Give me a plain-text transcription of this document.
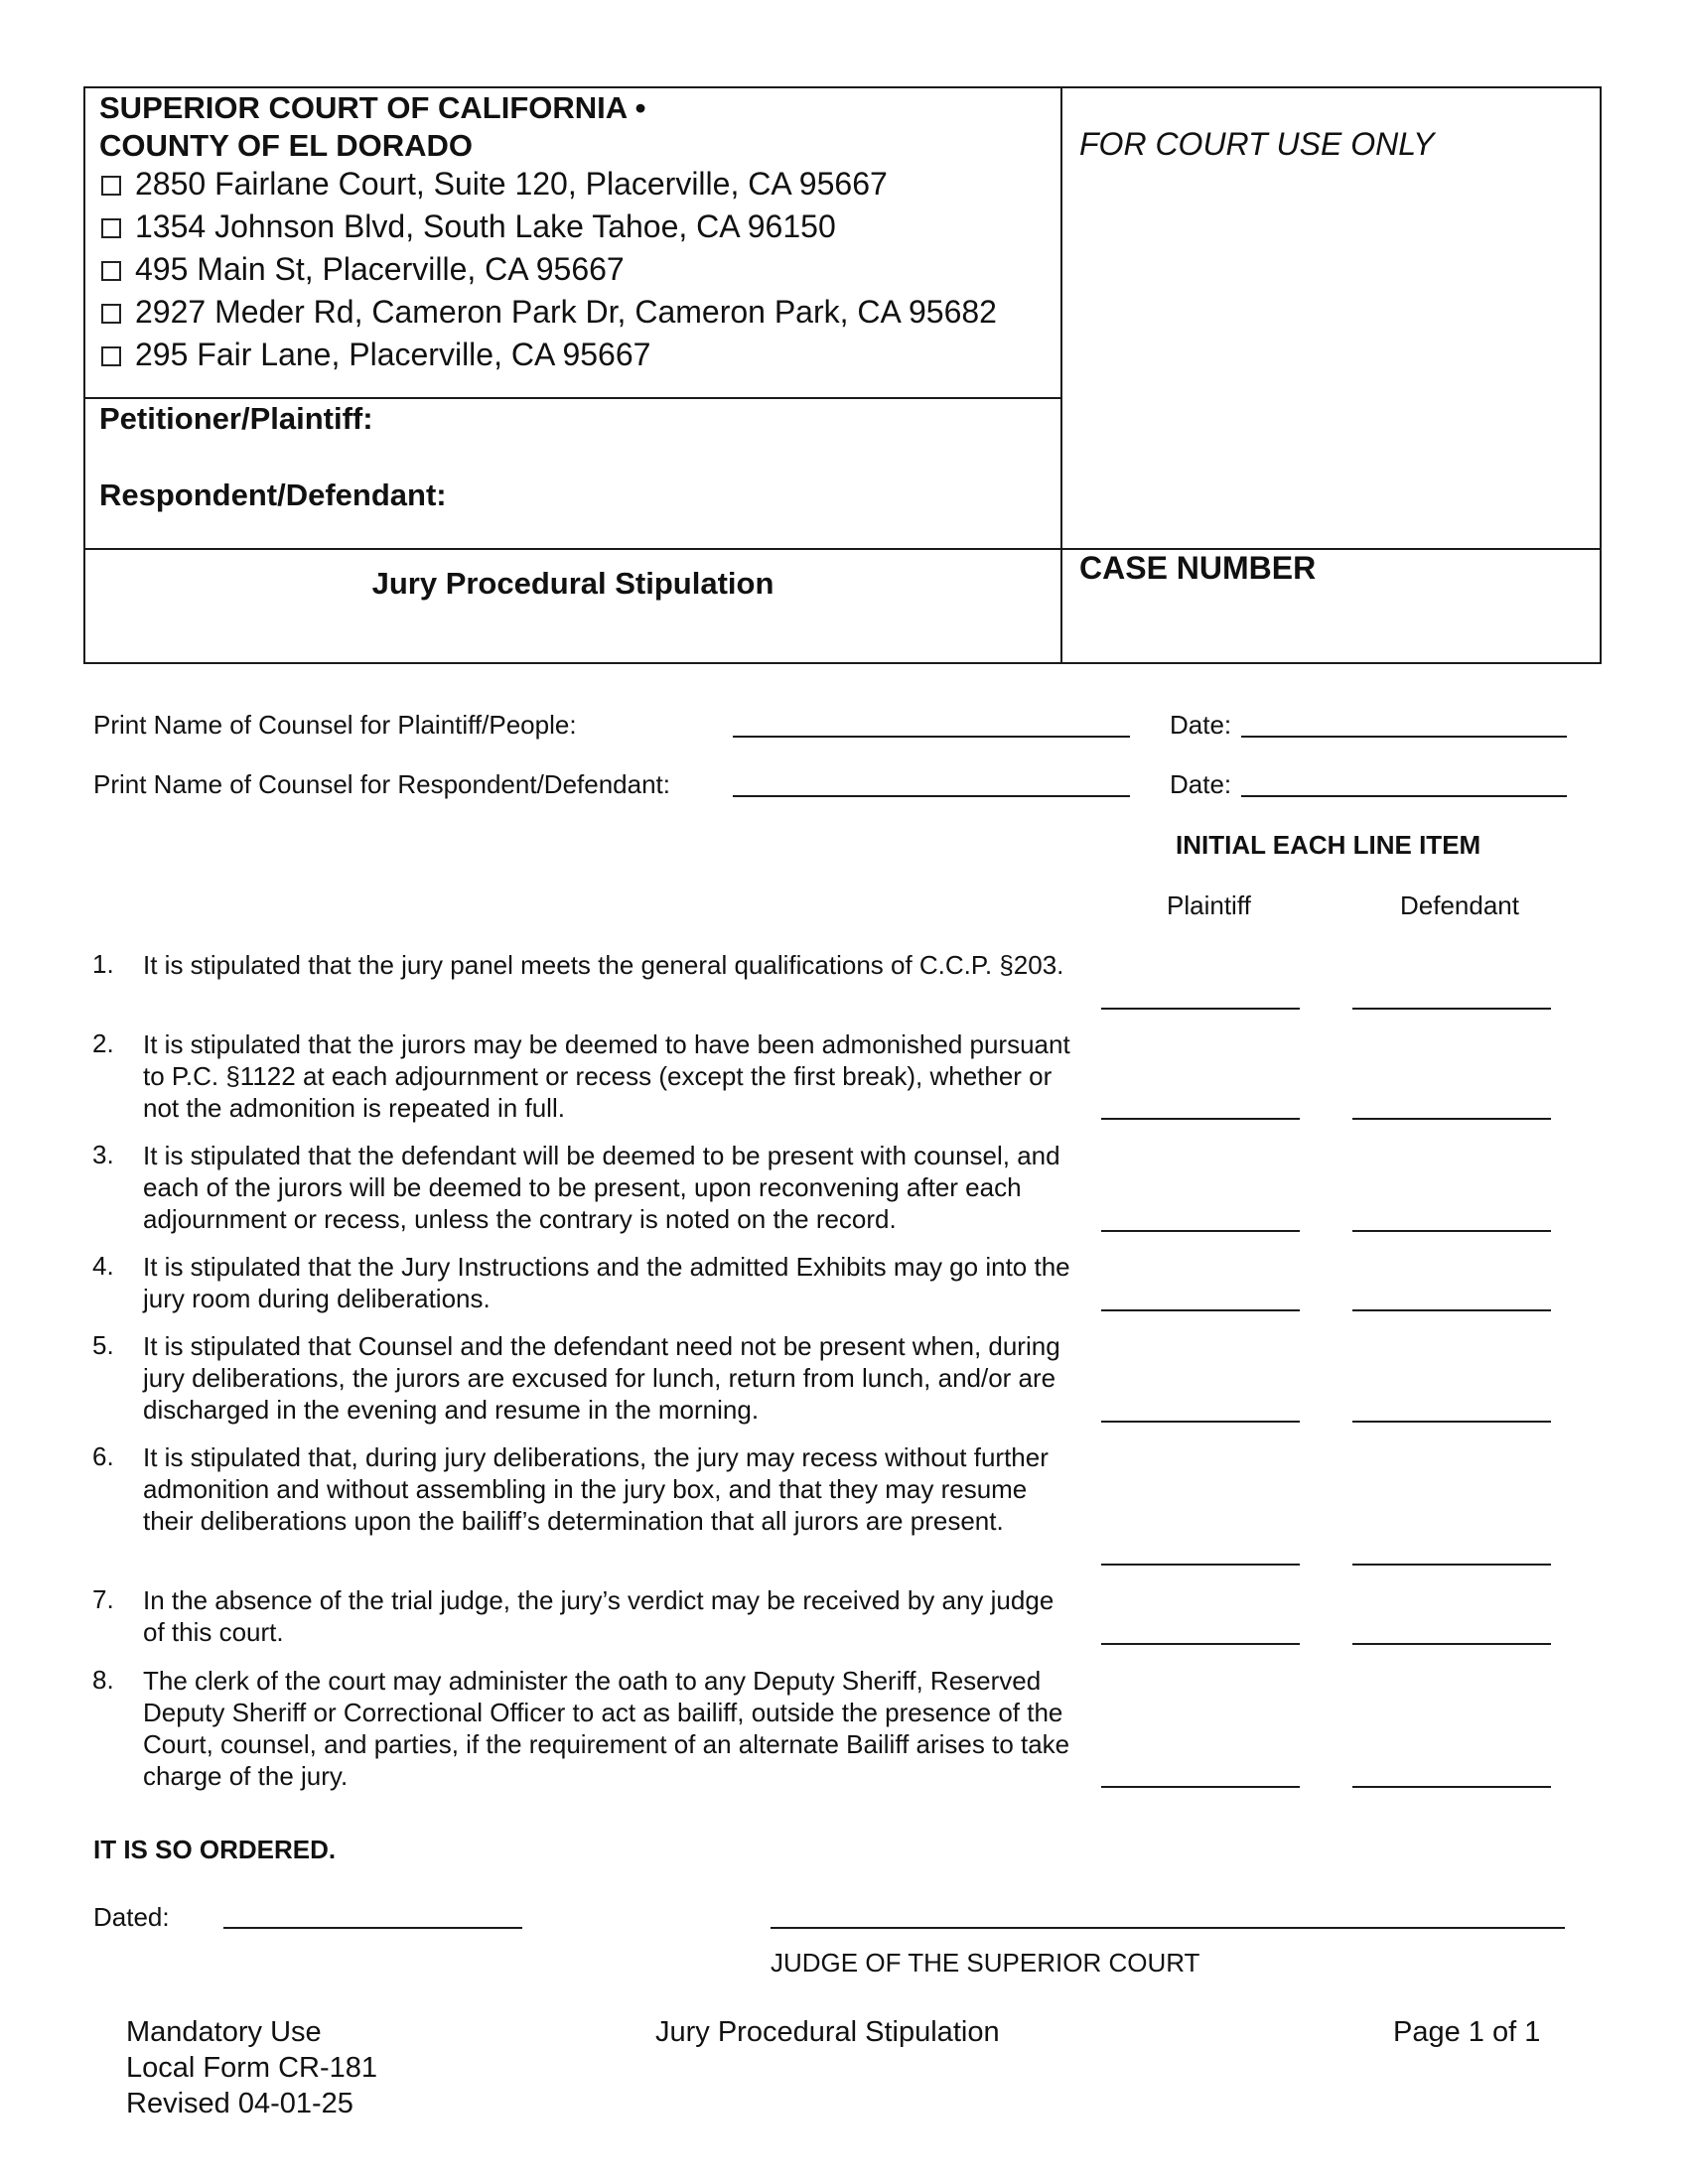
SUPERIOR COURT OF CALIFORNIA •
COUNTY OF EL DORADO
2850 Fairlane Court, Suite 120, Placerville, CA 95667
1354 Johnson Blvd, South Lake Tahoe, CA 96150
495 Main St, Placerville, CA 95667
2927 Meder Rd, Cameron Park Dr, Cameron Park, CA 95682
295 Fair Lane, Placerville, CA 95667
Petitioner/Plaintiff:
Respondent/Defendant:
Jury Procedural Stipulation
FOR COURT USE ONLY
CASE NUMBER
Print Name of Counsel for Plaintiff/People:	Date:
Print Name of Counsel for Respondent/Defendant:	Date:
INITIAL EACH LINE ITEM
Plaintiff	Defendant
1. It is stipulated that the jury panel meets the general qualifications of C.C.P. §203.
2. It is stipulated that the jurors may be deemed to have been admonished pursuant to P.C. §1122 at each adjournment or recess (except the first break), whether or not the admonition is repeated in full.
3. It is stipulated that the defendant will be deemed to be present with counsel, and each of the jurors will be deemed to be present, upon reconvening after each adjournment or recess, unless the contrary is noted on the record.
4. It is stipulated that the Jury Instructions and the admitted Exhibits may go into the jury room during deliberations.
5. It is stipulated that Counsel and the defendant need not be present when, during jury deliberations, the jurors are excused for lunch, return from lunch, and/or are discharged in the evening and resume in the morning.
6. It is stipulated that, during jury deliberations, the jury may recess without further admonition and without assembling in the jury box, and that they may resume their deliberations upon the bailiff’s determination that all jurors are present.
7. In the absence of the trial judge, the jury’s verdict may be received by any judge of this court.
8. The clerk of the court may administer the oath to any Deputy Sheriff, Reserved Deputy Sheriff or Correctional Officer to act as bailiff, outside the presence of the Court, counsel, and parties, if the requirement of an alternate Bailiff arises to take charge of the jury.
IT IS SO ORDERED.
Dated:
JUDGE OF THE SUPERIOR COURT
Mandatory Use
Local Form CR-181
Revised 04-01-25
Jury Procedural Stipulation	Page 1 of 1
